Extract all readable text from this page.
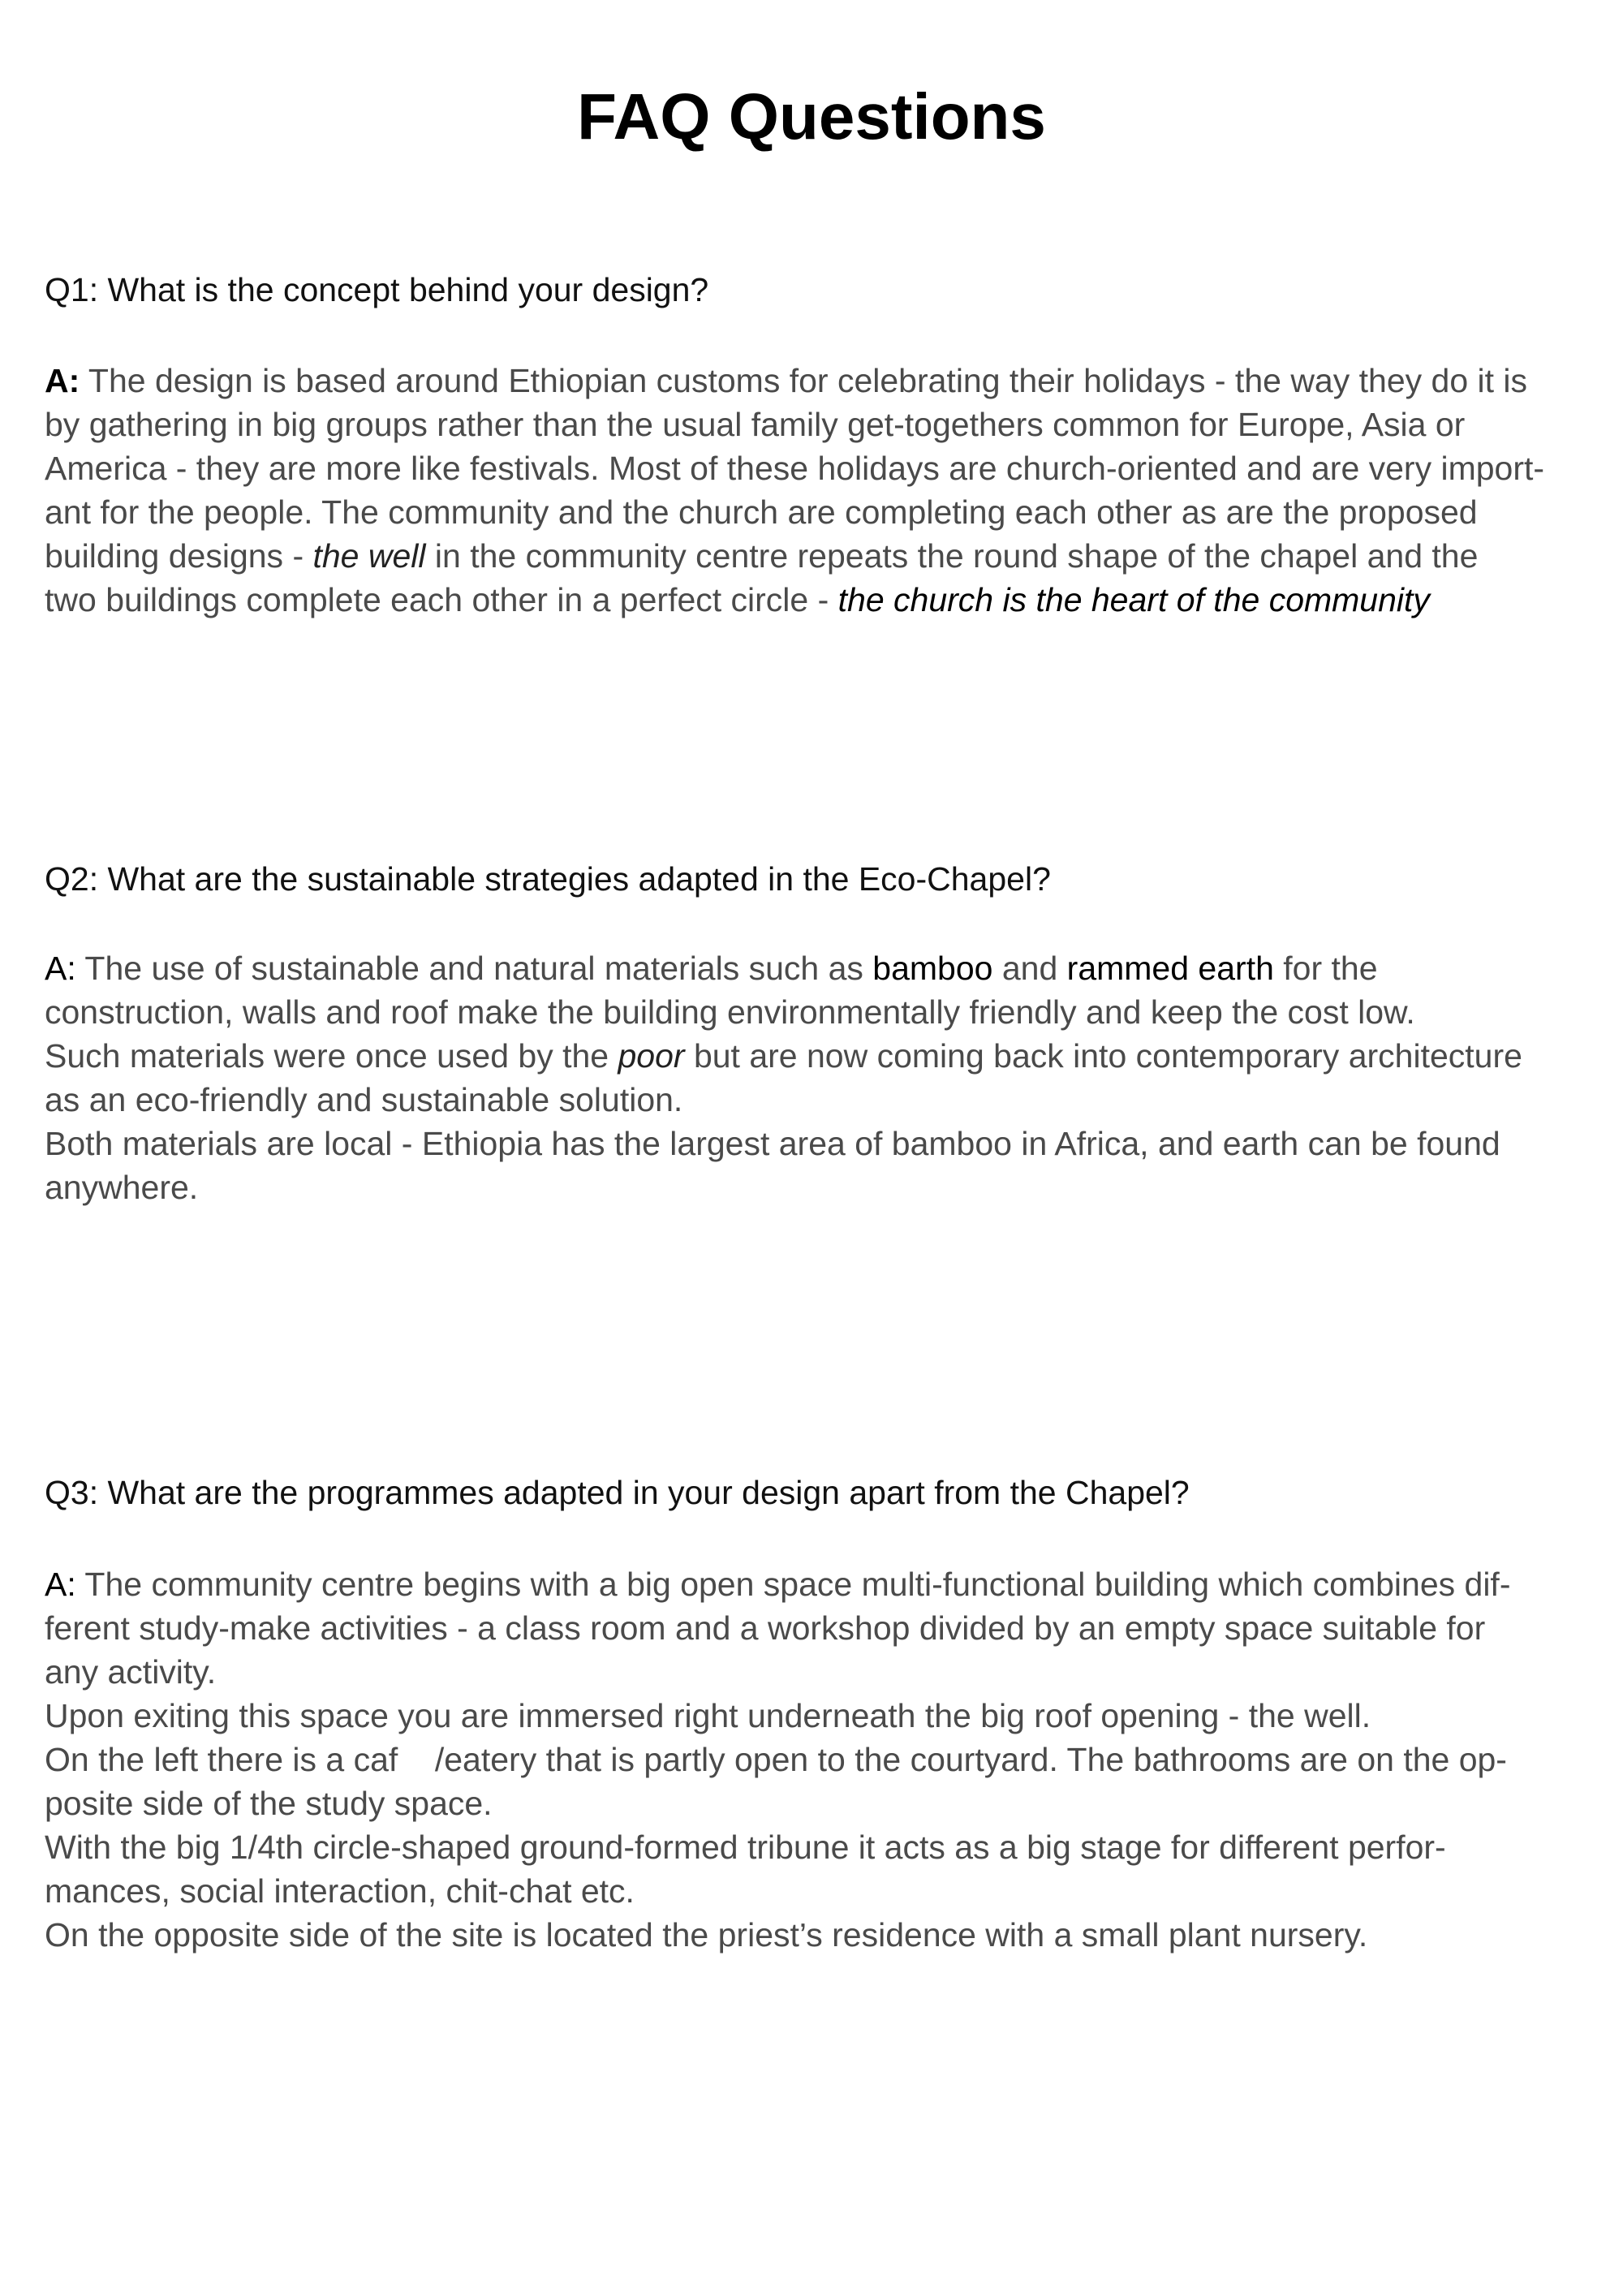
FAQ Questions
Q1: What is the concept behind your design?

A: The design is based around Ethiopian customs for celebrating their holidays - the way they do it is

by gathering in big groups rather than the usual family get-togethers common for Europe, Asia or

America - they are more like festivals. Most of these holidays are church-oriented and are very import-

ant for the people. The community and the church are completing each other as are the proposed

building designs - the well in the community centre repeats the round shape of the chapel and the

two buildings complete each other in a perfect circle - the church is the heart of the community

Q2: What are the sustainable strategies adapted in the Eco-Chapel?

A: The use of sustainable and natural materials such as bamboo and rammed earth for the

construction, walls and roof make the building environmentally friendly and keep the cost low.

Such materials were once used by the poor but are now coming back into contemporary architecture

as an eco-friendly and sustainable solution.

Both materials are local - Ethiopia has the largest area of bamboo in Africa, and earth can be found

anywhere.

Q3: What are the programmes adapted in your design apart from the Chapel?

A: The community centre begins with a big open space multi-functional building which combines dif-

ferent study-make activities - a class room and a workshop divided by an empty space suitable for

any activity.

Upon exiting this space you are immersed right underneath the big roof opening - the well.

On the left there is a caf    /eatery that is partly open to the courtyard. The bathrooms are on the op-

posite side of the study space.

With the big 1/4th circle-shaped ground-formed tribune it acts as a big stage for different perfor-

mances, social interaction, chit-chat etc.

On the opposite side of the site is located the priest’s residence with a small plant nursery.
